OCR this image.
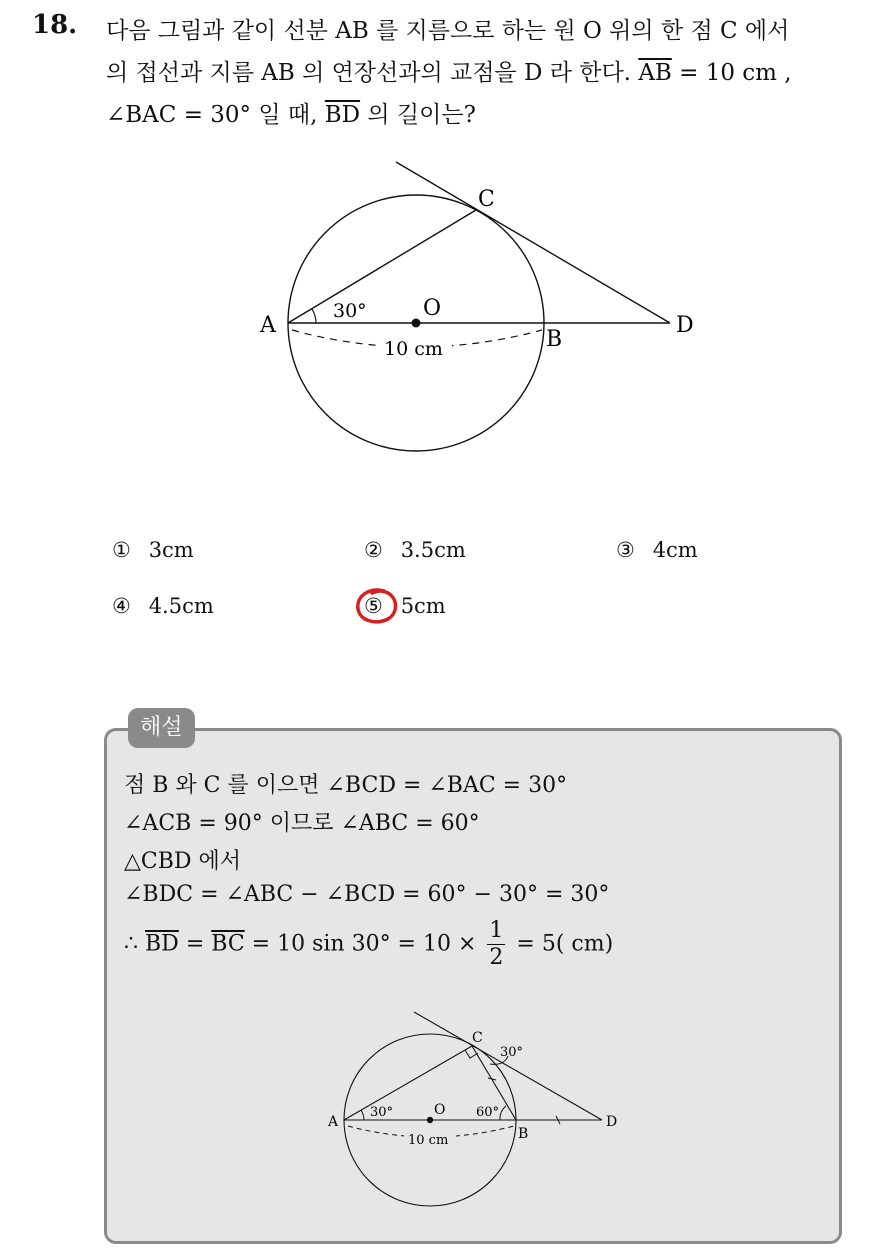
18. 다음 그림과 같이 선분 AB 를 지름으로 하는 원 O 위의 한 점 C 에서
의 접선과 지름 AB 의 연장선과의 교점을 D 라 한다. $\overline{AB} = 10$ cm ,
∠BAC = 30° 일 때, $\overline{BD}$ 의 길이는?
A
B
C
D
O
30°
10 cm
① 3cm	② 3.5cm	③ 4cm
④ 4.5cm	⑤ 5cm
해설
점 B 와 C 를 이으면 ∠BCD = ∠BAC = 30°
∠ACB = 90° 이므로 ∠ABC = 60°
△CBD 에서
∠BDC = ∠ABC − ∠BCD = 60° − 30° = 30°
∴ $\overline{BD} = \overline{BC} = 10$ $\sin 30^\circ = 10 \times \frac{1}{2} = 5$( cm)
A
B
C
D
O
30°	60°
30°
10 cm
